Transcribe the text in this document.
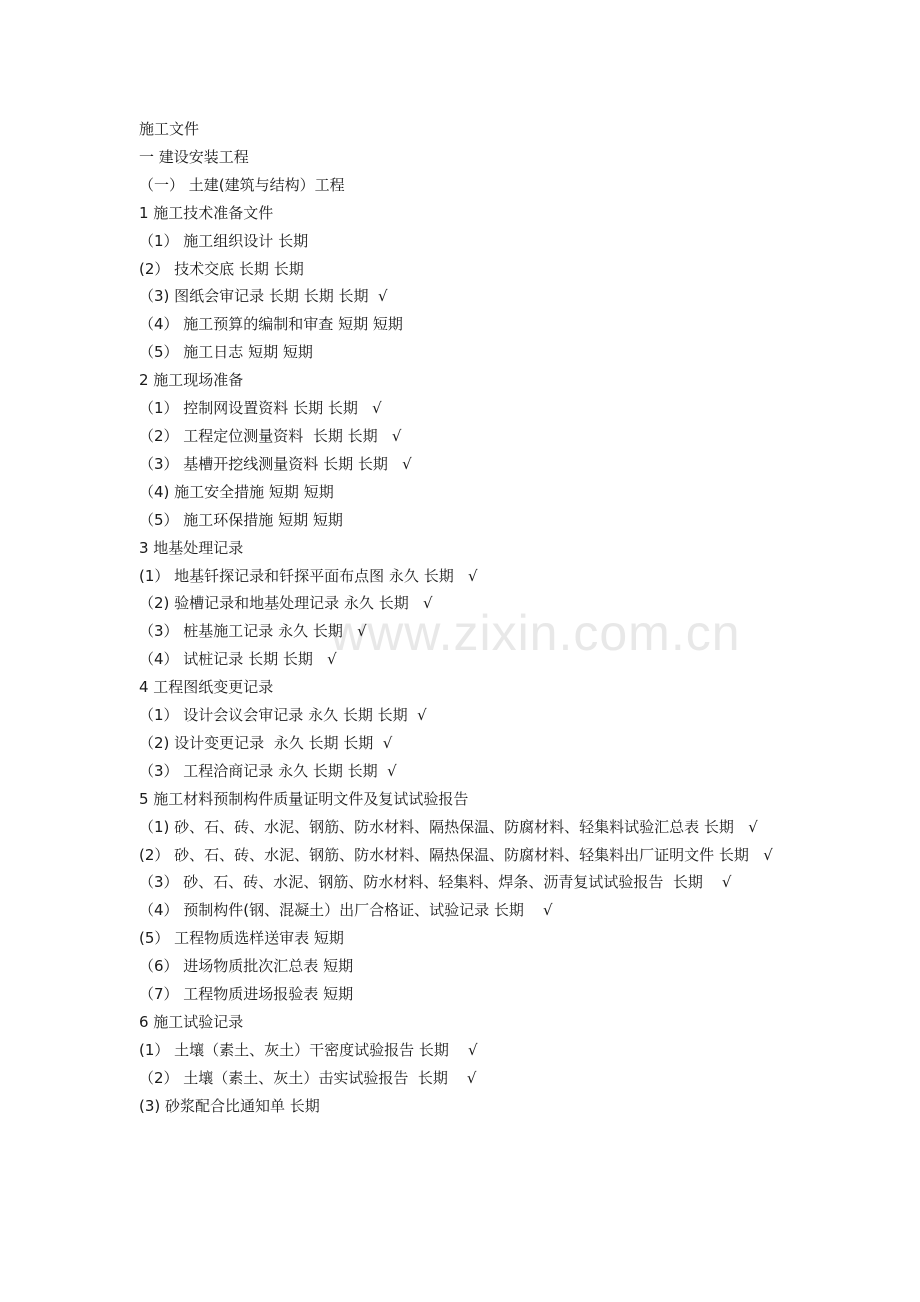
www.zixin.com.cn

施工文件

一 建设安装工程

（一） 土建(建筑与结构）工程

1 施工技术准备文件

（1） 施工组织设计 长期

(2） 技术交底 长期 长期

（3) 图纸会审记录 长期 长期 长期  √

（4） 施工预算的编制和审查 短期 短期

（5） 施工日志 短期 短期

2 施工现场准备

（1） 控制网设置资料 长期 长期   √

（2） 工程定位测量资料  长期 长期   √

（3） 基槽开挖线测量资料 长期 长期   √

（4) 施工安全措施 短期 短期

（5） 施工环保措施 短期 短期

3 地基处理记录

(1） 地基钎探记录和钎探平面布点图 永久 长期   √

（2) 验槽记录和地基处理记录 永久 长期   √

（3） 桩基施工记录 永久 长期   √

（4） 试桩记录 长期 长期   √

4 工程图纸变更记录

（1） 设计会议会审记录 永久 长期 长期  √

（2) 设计变更记录  永久 长期 长期  √

（3） 工程洽商记录 永久 长期 长期  √

5 施工材料预制构件质量证明文件及复试试验报告

（1) 砂、石、砖、水泥、钢筋、防水材料、隔热保温、防腐材料、轻集料试验汇总表 长期   √

(2） 砂、石、砖、水泥、钢筋、防水材料、隔热保温、防腐材料、轻集料出厂证明文件 长期   √

（3） 砂、石、砖、水泥、钢筋、防水材料、轻集料、焊条、沥青复试试验报告  长期    √

（4） 预制构件(钢、混凝土）出厂合格证、试验记录 长期    √

(5） 工程物质选样送审表 短期

（6） 进场物质批次汇总表 短期

（7） 工程物质进场报验表 短期

6 施工试验记录

(1） 土壤（素土、灰土）干密度试验报告 长期    √

（2） 土壤（素土、灰土）击实试验报告  长期    √

(3) 砂浆配合比通知单 长期
